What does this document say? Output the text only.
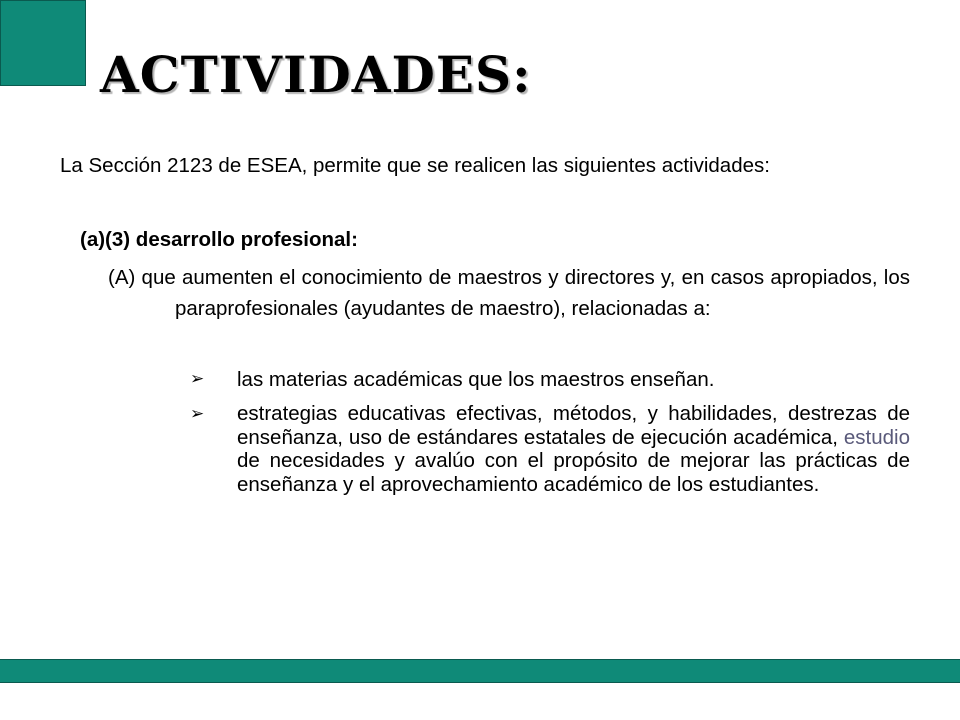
ACTIVIDADES:

La Sección 2123 de ESEA, permite que se realicen las siguientes actividades:

(a)(3) desarrollo profesional:

(A) que aumenten el conocimiento de maestros y directores y, en casos apropiados, los paraprofesionales (ayudantes de maestro), relacionadas a:

➢	las materias académicas que los maestros enseñan.
➢	estrategias educativas efectivas, métodos, y habilidades, destrezas de enseñanza, uso de estándares estatales de ejecución académica, estudio de necesidades y avalúo con el propósito de mejorar las prácticas de enseñanza y el aprovechamiento académico de los estudiantes.
